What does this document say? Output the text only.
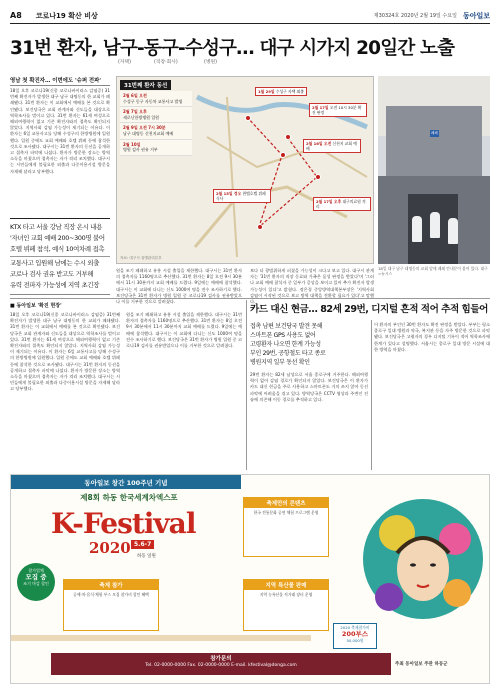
A8 코로나19 확산 비상	제30324호 2020년 2월 19일 수요일 동아일보
31번 환자, 남구-동구-수성구… 대구 시가지 20일간 노출
(자택)	(직장·회사)	(병원)
영남 첫 확진자… 이번에도 '슈퍼 전파'
18일 오후 코로나19(신종 코로나바이러스 감염증) 31번째 확진자가 발생한 대구 남구 대명동의 한 교회가 폐쇄됐다. 31번 환자는 이 교회에서 예배를 본 것으로 확인됐다. 보건당국은 교회 관계자와 신도들을 대상으로 역학조사를 벌이고 있다. 31번 환자는 61세 여성으로 해외여행력이 없고 기존 확진자와의 접촉도 확인되지 않았다. 지역사회 감염 가능성이 제기되는 이유다. 이 환자는 6일 교통사고를 당해 수성구의 한방병원에 입원했다. 입원 중에도 교회 예배와 호텔 뷔페 등에 참석한 것으로 조사됐다. 대구시는 31번 환자의 동선을 공개하고 접촉자 파악에 나섰다. 환자가 방문한 장소는 방역 소독을 마쳤으며 접촉자는 자가 격리 조치했다. 대구시는 시민들에게 불필요한 외출과 다중이용시설 방문을 자제해 달라고 당부했다.
KTX 타고 서울 강남 직장 온시 내용
'자녀인 교회 예배 200~300명 불어
호텔 뷔페 참석, 예식 10여차례 접촉
교통사고 입원해 남에는 수시 외출
코로나 검사 권유 받고도 거부해
유력 전파자 가능성에 지역 초긴장
31번째 환자 동선
2월 6일 오전
수성구 동구 자동차 교통사고 발생
2월 7일 오후
새로난한방병원 입원
2월 9일 오전 7시 30분
남구 대명동 신천지교회 예배
2월 10일
병원 검사 권유 거부
1월 29일 수성구 자택 외출
2월 17일 오전 10시 30분 확진 판정
2월 16일 오전 신천지 교회 예배
2월 15일 정오 퀸벨호텔 뷔페 식사
2월 17일 오후 대구의료원 격리
자료: 대구시 질병관리본부
폐쇄
18일 대구 남구 대명동의 교회 앞에 폐쇄 안내문이 붙어 있다. 대구=뉴시스
원을 조기 폐쇄하고 유흥 시설 출입을 제한했다. 대구시는 31번 환자의 접촉자를 1160명으로 추산했다. 31번 환자는 8일 오전 9시 30분에서 11시 30분까지 교회 예배를 드렸다. 9일에는 예배에 참석했다. 대구시는 이 교회에 다니는 신도 1000여 명을 전수 조사하기로 했다. 보건당국은 31번 환자가 병원 입원 중 코로나19 검사를 권유받았으나 이를 거부한 것으로 알려졌다.
보다 더 광범위하게 퍼졌을 가능성이 크다고 보고 있다. 대구시 관계자는 '31번 환자의 직장 동료와 가족은 음성 판정을 받았다'며 '그러나 교회 예배 참석자 중 일부가 증상을 보이고 있어 추가 확진자 발생 가능성이 있다'고 밝혔다. 정은경 중앙방역대책본부장은 '지역사회 감염이 시작된 것으로 보고 방역 대책을 전환할 필요가 있다'고 말했다.
■ 동아일보 '확진 현장'
18일 오후 코로나19(신종 코로나바이러스 감염증) 31번째 확진자가 발생한 대구 남구 대명동의 한 교회가 폐쇄됐다. 31번 환자는 이 교회에서 예배를 본 것으로 확인됐다. 보건당국은 교회 관계자와 신도들을 대상으로 역학조사를 벌이고 있다. 31번 환자는 61세 여성으로 해외여행력이 없고 기존 확진자와의 접촉도 확인되지 않았다. 지역사회 감염 가능성이 제기되는 이유다. 이 환자는 6일 교통사고를 당해 수성구의 한방병원에 입원했다. 입원 중에도 교회 예배와 호텔 뷔페 등에 참석한 것으로 조사됐다. 대구시는 31번 환자의 동선을 공개하고 접촉자 파악에 나섰다. 환자가 방문한 장소는 방역 소독을 마쳤으며 접촉자는 자가 격리 조치했다. 대구시는 시민들에게 불필요한 외출과 다중이용시설 방문을 자제해 달라고 당부했다.
원을 조기 폐쇄하고 유흥 시설 출입을 제한했다. 대구시는 31번 환자의 접촉자를 1160명으로 추산했다. 31번 환자는 8일 오전 9시 30분에서 11시 30분까지 교회 예배를 드렸다. 9일에는 예배에 참석했다. 대구시는 이 교회에 다니는 신도 1000여 명을 전수 조사하기로 했다. 보건당국은 31번 환자가 병원 입원 중 코로나19 검사를 권유받았으나 이를 거부한 것으로 알려졌다.
카드 대신 현금… 82세 29번, 디지털 흔적 적어 추적 힘들어
접촉 남편 보건당국 발견 못해
스마트폰 GPS 사용도 없어
고령환자 나오면 한계 가능성
부인 29번, 공항철도 타고 종로
병원지역 일부 동선 확인
29번 환자는 82세 남성으로 서울 종로구에 거주한다. 해외여행력이 없어 감염 경로가 확인되지 않았다. 보건당국은 이 환자가 카드 대신 현금을 주로 사용하고 스마트폰도 거의 쓰지 않아 동선 파악에 어려움을 겪고 있다. 방역당국은 CCTV 영상과 주변인 진술에 의존해 이동 경로를 추적하고 있다.
이 환자의 부인인 30번 환자도 확진 판정을 받았다. 부부는 평소 종로구 일대 병원과 약국, 복지관 등을 자주 방문한 것으로 파악됐다. 보건당국은 고령자의 경우 디지털 기록이 적어 역학조사에 한계가 있다고 설명했다. 서울시는 종로구 일대 방문 시설에 대한 방역을 마쳤다.
동아일보 창간 100주년 기념
제8회 하동 한국세계차엑스포
K-Festival
2020 5.6-7
하동 일원
참가업체
모집 중
조기 마감 할인	축제 참가
공예·차·음식·체험 부스 모집 참가비 할인 혜택
축제만의 콘텐츠
한국 전통문화 공연 체험 프로그램 운영
지역 특산물 판매
지역 농특산물 직거래 장터 운영
2020 축제참가비
200부스
50,000원
참가문의
Tel. 02-0000-0000 Fax. 02-0000-0000 E-mail. kfestival@donga.com	주최 동아일보 주관 하동군
